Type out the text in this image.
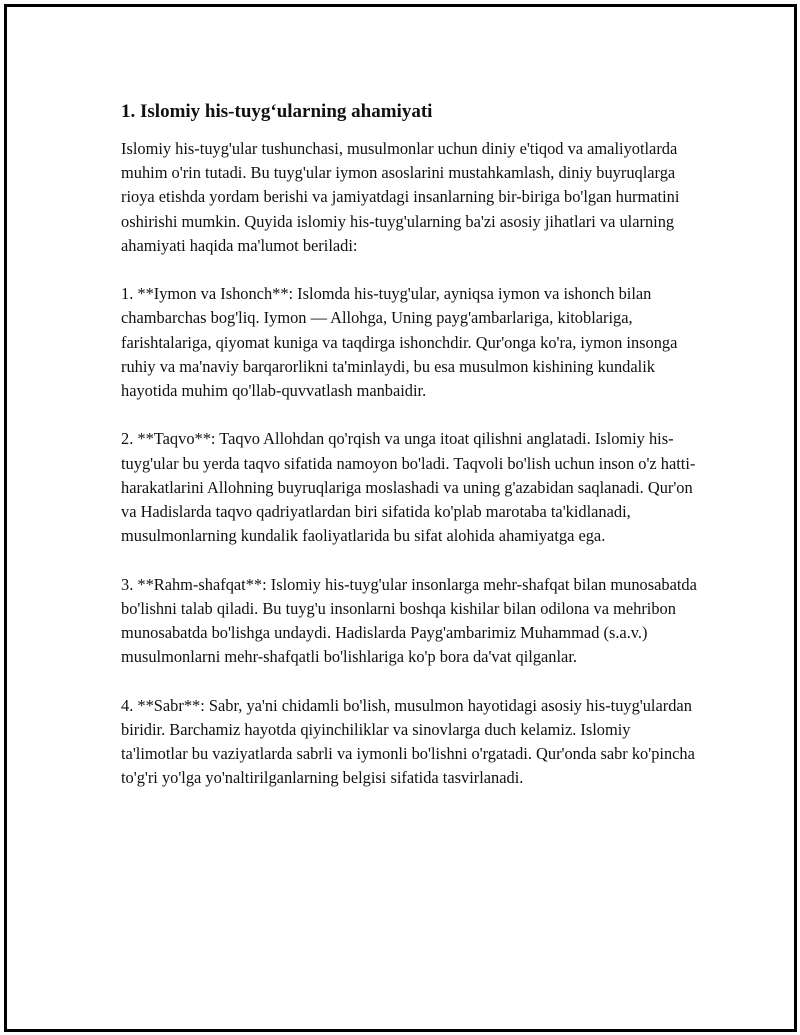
1. Islomiy his-tuyg‘ularning ahamiyati

Islomiy his-tuyg'ular tushunchasi, musulmonlar uchun diniy e'tiqod va amaliyotlarda muhim o'rin tutadi. Bu tuyg'ular iymon asoslarini mustahkamlash, diniy buyruqlarga rioya etishda yordam berishi va jamiyatdagi insanlarning bir-biriga bo'lgan hurmatini oshirishi mumkin. Quyida islomiy his-tuyg'ularning ba'zi asosiy jihatlari va ularning ahamiyati haqida ma'lumot beriladi:

1. **Iymon va Ishonch**: Islomda his-tuyg'ular, ayniqsa iymon va ishonch bilan chambarchas bog'liq. Iymon — Allohga, Uning payg'ambarlariga, kitoblariga, farishtalariga, qiyomat kuniga va taqdirga ishonchdir. Qur'onga ko'ra, iymon insonga ruhiy va ma'naviy barqarorlikni ta'minlaydi, bu esa musulmon kishining kundalik hayotida muhim qo'llab-quvvatlash manbaidir.

2. **Taqvo**: Taqvo Allohdan qo'rqish va unga itoat qilishni anglatadi. Islomiy his-tuyg'ular bu yerda taqvo sifatida namoyon bo'ladi. Taqvoli bo'lish uchun inson o'z hatti-harakatlarini Allohning buyruqlariga moslashadi va uning g'azabidan saqlanadi. Qur'on va Hadislarda taqvo qadriyatlardan biri sifatida ko'plab marotaba ta'kidlanadi, musulmonlarning kundalik faoliyatlarida bu sifat alohida ahamiyatga ega.

3. **Rahm-shafqat**: Islomiy his-tuyg'ular insonlarga mehr-shafqat bilan munosabatda bo'lishni talab qiladi. Bu tuyg'u insonlarni boshqa kishilar bilan odilona va mehribon munosabatda bo'lishga undaydi. Hadislarda Payg'ambarimiz Muhammad (s.a.v.) musulmonlarni mehr-shafqatli bo'lishlariga ko'p bora da'vat qilganlar.

4. **Sabr**: Sabr, ya'ni chidamli bo'lish, musulmon hayotidagi asosiy his-tuyg'ulardan biridir. Barchamiz hayotda qiyinchiliklar va sinovlarga duch kelamiz. Islomiy ta'limotlar bu vaziyatlarda sabrli va iymonli bo'lishni o'rgatadi. Qur'onda sabr ko'pincha to'g'ri yo'lga yo'naltirilganlarning belgisi sifatida tasvirlanadi.
